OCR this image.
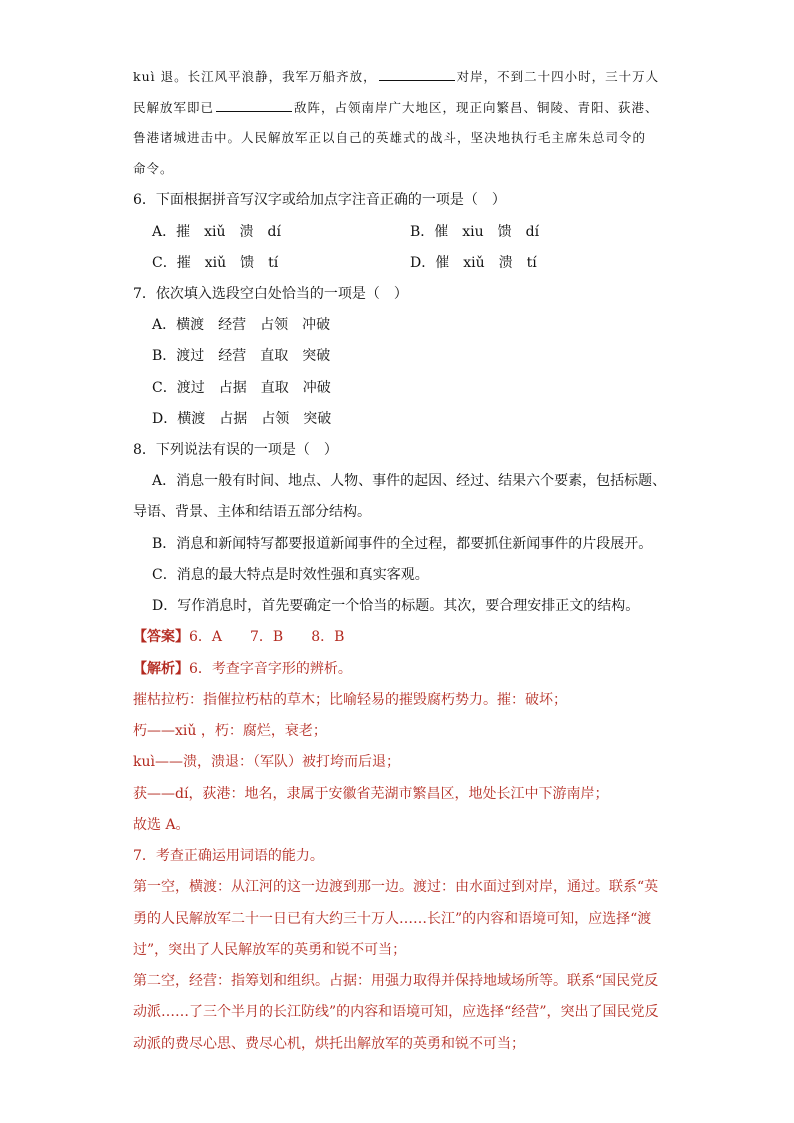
kuì 退。长江风平浪静，我军万船齐放，	对岸，不到二十四小时，三十万人
民解放军即已	敌阵，占领南岸广大地区，现正向繁昌、铜陵、青阳、荻港、
鲁港诸城进击中。人民解放军正以自己的英雄式的战斗，坚决地执行毛主席朱总司令的
命令。
6．下面根据拼音写汉字或给加点字注音正确的一项是（　）
A．摧　xiǔ　溃　dí	B．催　xiu　馈　dí
C．摧　xiǔ　馈　tí	D．催　xiǔ　溃　tí
7．依次填入选段空白处恰当的一项是（　）
A．横渡　经营　占领　冲破
B．渡过　经营　直取　突破
C．渡过　占据　直取　冲破
D．横渡　占据　占领　突破
8．下列说法有误的一项是（　）
A．消息一般有时间、地点、人物、事件的起因、经过、结果六个要素，包括标题、
导语、背景、主体和结语五部分结构。
B．消息和新闻特写都要报道新闻事件的全过程，都要抓住新闻事件的片段展开。
C．消息的最大特点是时效性强和真实客观。
D．写作消息时，首先要确定一个恰当的标题。其次，要合理安排正文的结构。
【答案】6．A　　7．B　　8．B
【解析】6．考查字音字形的辨析。
摧枯拉朽：指催拉朽枯的草木；比喻轻易的摧毁腐朽势力。摧：破坏；
朽——xiǔ ，朽：腐烂，衰老；
kuì——溃，溃退：（军队）被打垮而后退；
获——dí，荻港：地名，隶属于安徽省芜湖市繁昌区，地处长江中下游南岸；
故选 A。
7．考查正确运用词语的能力。
第一空，横渡：从江河的这一边渡到那一边。渡过：由水面过到对岸，通过。联系“英
勇的人民解放军二十一日已有大约三十万人……长江”的内容和语境可知，应选择“渡
过”，突出了人民解放军的英勇和锐不可当；
第二空，经营：指筹划和组织。占据：用强力取得并保持地域场所等。联系“国民党反
动派……了三个半月的长江防线”的内容和语境可知，应选择“经营”，突出了国民党反
动派的费尽心思、费尽心机，烘托出解放军的英勇和锐不可当；
